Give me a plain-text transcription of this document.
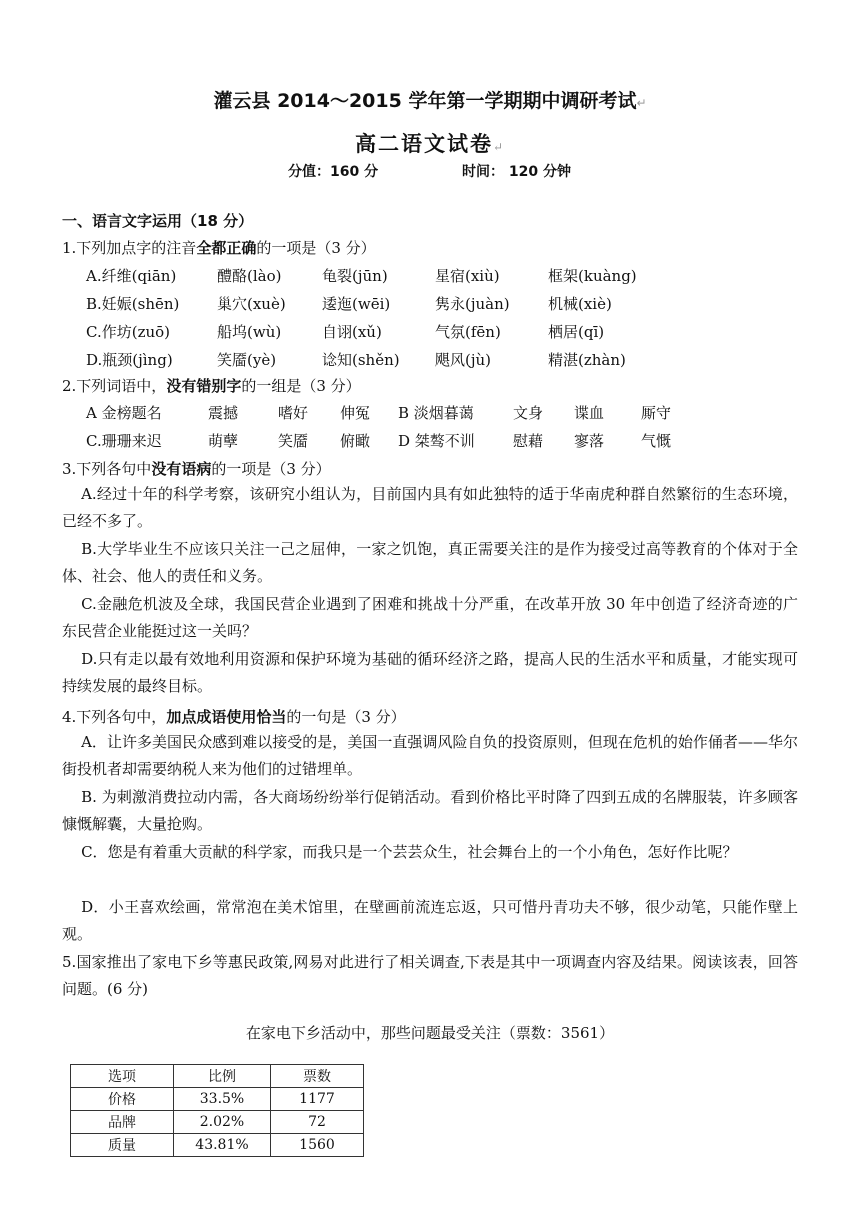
灌云县 2014～2015 学年第一学期期中调研考试↵
高二语文试卷↵
分值：160 分	时间： 120 分钟
一、语言文字运用（18 分）
1.下列加点字的注音全都正确的一项是（3 分）
A.纤维(qiān)	醴酪(lào)	龟裂(jūn)	星宿(xiù)	框架(kuàng)
B.妊娠(shēn)	巢穴(xuè) 逶迤(wēi)	隽永(juàn)	机械(xiè)
C.作坊(zuō)	船坞(wù)	自诩(xǔ)	气氛(fēn)	栖居(qī)
D.瓶颈(jìng)	笑靥(yè)	谂知(shěn) 飓风(jù)	精湛(zhàn)
2.下列词语中，没有错别字的一组是（3 分）
A 金榜题名	震撼	嗜好 伸冤 B 淡烟暮蔼	文身 谍血 厮守
C.珊珊来迟	萌孽	笑靥 俯瞰 D 桀骜不训	慰藉 寥落 气慨
3.下列各句中没有语病的一项是（3 分）
A.经过十年的科学考察，该研究小组认为，目前国内具有如此独特的适于华南虎种群自然繁衍的生态环境，已经不多了。
B.大学毕业生不应该只关注一己之屈伸，一家之饥饱，真正需要关注的是作为接受过高等教育的个体对于全体、社会、他人的责任和义务。
C.金融危机波及全球，我国民营企业遇到了困难和挑战十分严重，在改革开放 30 年中创造了经济奇迹的广东民营企业能挺过这一关吗？
D.只有走以最有效地利用资源和保护环境为基础的循环经济之路，提高人民的生活水平和质量，才能实现可持续发展的最终目标。
4.下列各句中，加点成语使用恰当的一句是（3 分）
A．让许多美国民众感到难以接受的是，美国一直强调风险自负的投资原则，但现在危机的始作俑者——华尔街投机者却需要纳税人来为他们的过错埋单。
B. 为刺激消费拉动内需，各大商场纷纷举行促销活动。看到价格比平时降了四到五成的名牌服装，许多顾客慷慨解囊，大量抢购。
C．您是有着重大贡献的科学家，而我只是一个芸芸众生，社会舞台上的一个小角色，怎好作比呢？
D．小王喜欢绘画，常常泡在美术馆里，在壁画前流连忘返，只可惜丹青功夫不够，很少动笔，只能作壁上观。
5.国家推出了家电下乡等惠民政策,网易对此进行了相关调查,下表是其中一项调查内容及结果。阅读该表，回答问题。(6 分)
在家电下乡活动中，那些问题最受关注（票数：3561）
选项	比例	票数
价格	33.5%	1177
品牌	2.02%	72
质量	43.81%	1560
